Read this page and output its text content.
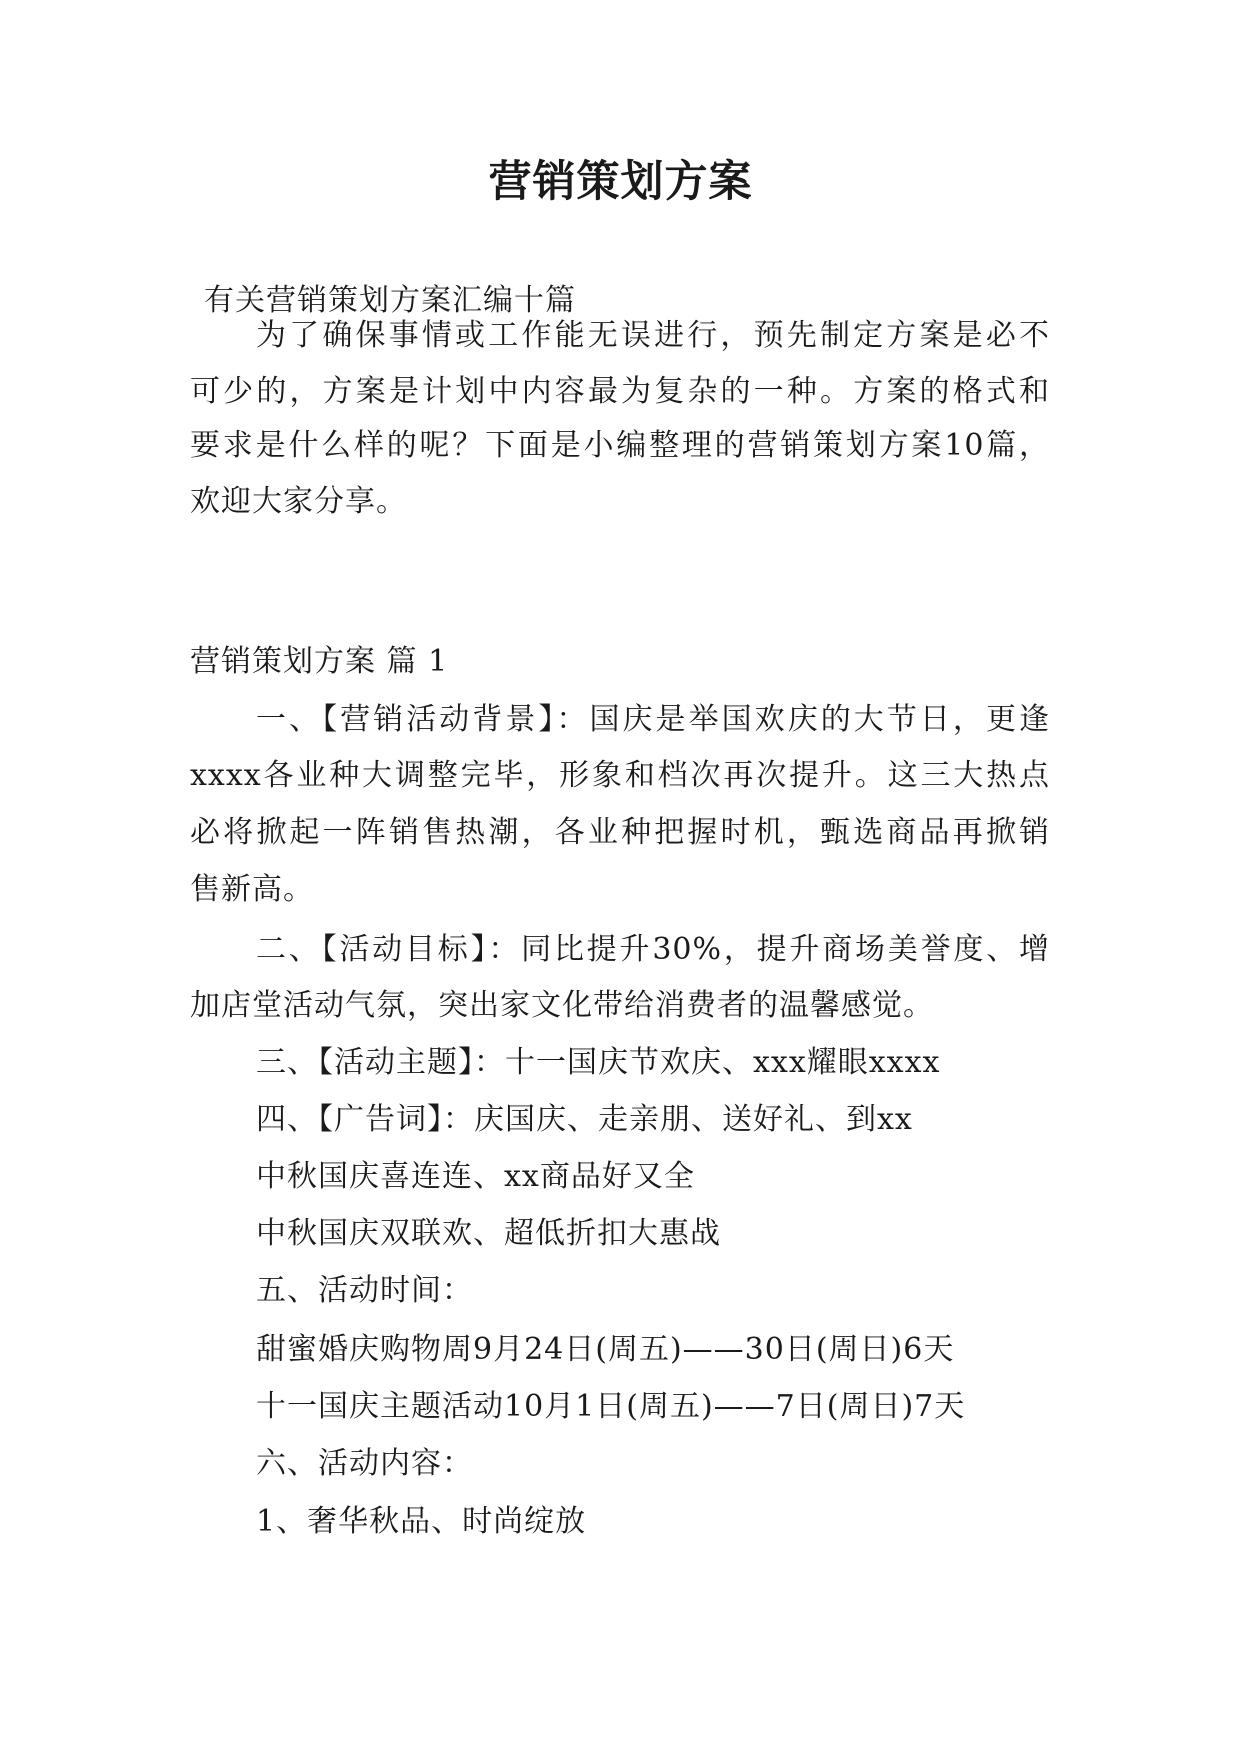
营销策划方案

有关营销策划方案汇编十篇

为了确保事情或工作能无误进行，预先制定方案是必不

可少的，方案是计划中内容最为复杂的一种。方案的格式和

要求是什么样的呢？下面是小编整理的营销策划方案10篇，

欢迎大家分享。

营销策划方案 篇 1

一、【营销活动背景】：国庆是举国欢庆的大节日，更逢

xxxx各业种大调整完毕，形象和档次再次提升。这三大热点

必将掀起一阵销售热潮，各业种把握时机，甄选商品再掀销

售新高。

二、【活动目标】：同比提升30%，提升商场美誉度、增

加店堂活动气氛，突出家文化带给消费者的温馨感觉。

三、【活动主题】：十一国庆节欢庆、xxx耀眼xxxx

四、【广告词】：庆国庆、走亲朋、送好礼、到xx

中秋国庆喜连连、xx商品好又全

中秋国庆双联欢、超低折扣大惠战

五、活动时间：

甜蜜婚庆购物周9月24日(周五)——30日(周日)6天

十一国庆主题活动10月1日(周五)——7日(周日)7天

六、活动内容：

1、奢华秋品、时尚绽放
